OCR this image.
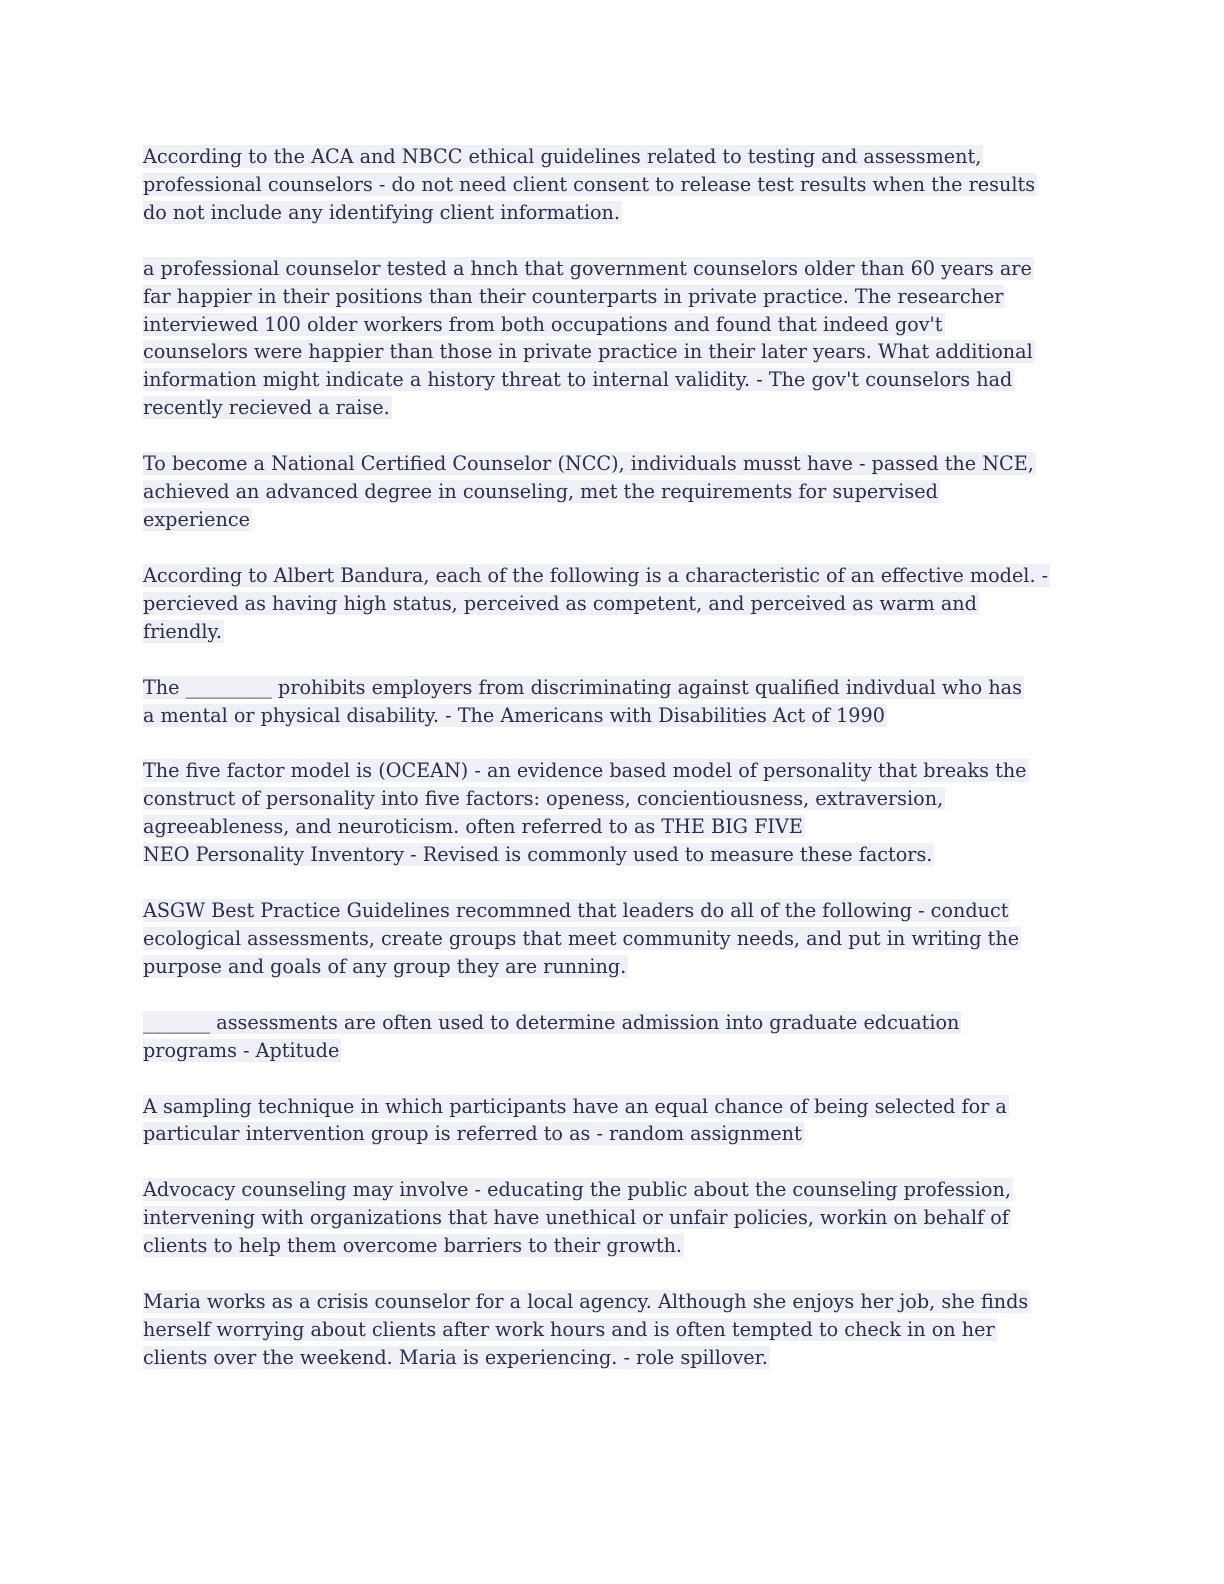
According to the ACA and NBCC ethical guidelines related to testing and assessment,
professional counselors - do not need client consent to release test results when the results
do not include any identifying client information.
a professional counselor tested a hnch that government counselors older than 60 years are
far happier in their positions than their counterparts in private practice. The researcher
interviewed 100 older workers from both occupations and found that indeed gov't
counselors were happier than those in private practice in their later years. What additional
information might indicate a history threat to internal validity. - The gov't counselors had
recently recieved a raise.
To become a National Certified Counselor (NCC), individuals musst have - passed the NCE,
achieved an advanced degree in counseling, met the requirements for supervised
experience
According to Albert Bandura, each of the following is a characteristic of an effective model. -
percieved as having high status, perceived as competent, and perceived as warm and
friendly.
The _________ prohibits employers from discriminating against qualified indivdual who has
a mental or physical disability. - The Americans with Disabilities Act of 1990
The five factor model is (OCEAN) - an evidence based model of personality that breaks the
construct of personality into five factors: openess, concientiousness, extraversion,
agreeableness, and neuroticism. often referred to as THE BIG FIVE
NEO Personality Inventory - Revised is commonly used to measure these factors.
ASGW Best Practice Guidelines recommned that leaders do all of the following - conduct
ecological assessments, create groups that meet community needs, and put in writing the
purpose and goals of any group they are running.
_______ assessments are often used to determine admission into graduate edcuation
programs - Aptitude
A sampling technique in which participants have an equal chance of being selected for a
particular intervention group is referred to as - random assignment
Advocacy counseling may involve - educating the public about the counseling profession,
intervening with organizations that have unethical or unfair policies, workin on behalf of
clients to help them overcome barriers to their growth.
Maria works as a crisis counselor for a local agency. Although she enjoys her job, she finds
herself worrying about clients after work hours and is often tempted to check in on her
clients over the weekend. Maria is experiencing. - role spillover.
